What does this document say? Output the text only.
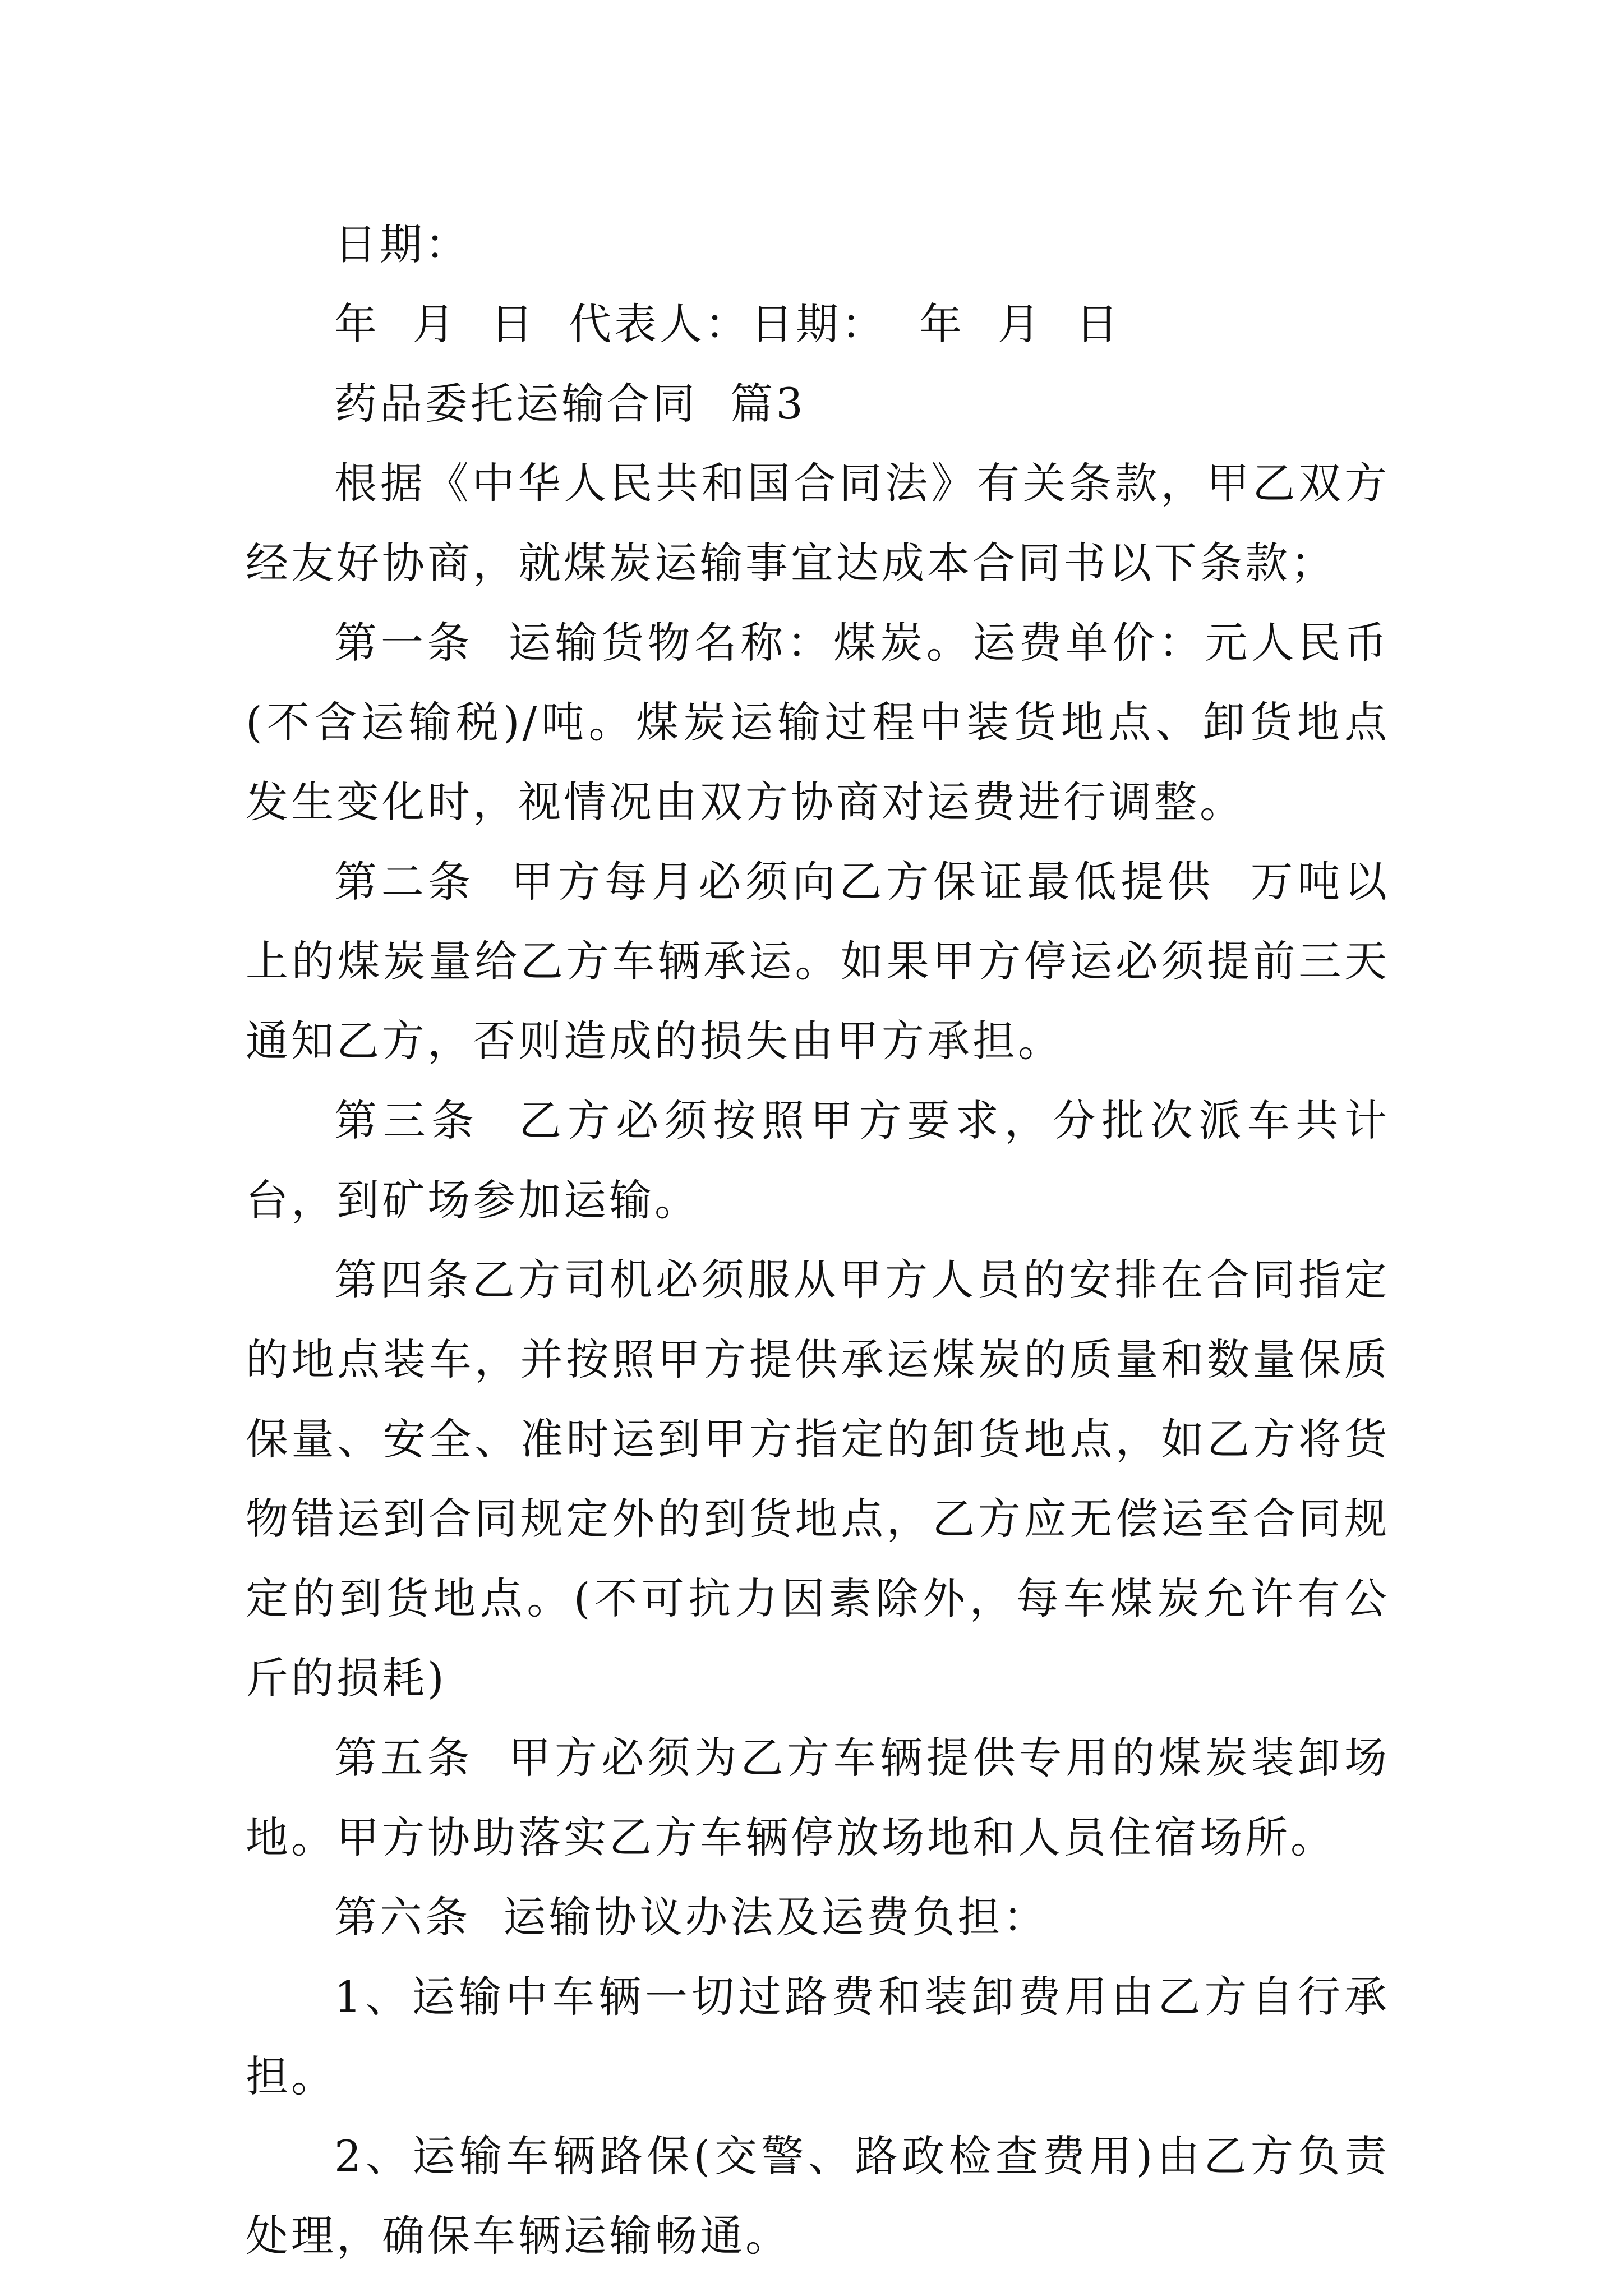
日期：

年  月  日  代表人：日期：  年  月  日

药品委托运输合同  篇3

根据《中华人民共和国合同法》有关条款，甲乙双方经友好协商，就煤炭运输事宜达成本合同书以下条款；

第一条  运输货物名称：煤炭。运费单价：元人民币(不含运输税)/吨。煤炭运输过程中装货地点、卸货地点发生变化时，视情况由双方协商对运费进行调整。

第二条  甲方每月必须向乙方保证最低提供  万吨以上的煤炭量给乙方车辆承运。如果甲方停运必须提前三天通知乙方，否则造成的损失由甲方承担。

第三条  乙方必须按照甲方要求，分批次派车共计  台，到矿场参加运输。

第四条乙方司机必须服从甲方人员的安排在合同指定的地点装车，并按照甲方提供承运煤炭的质量和数量保质保量、安全、准时运到甲方指定的卸货地点，如乙方将货物错运到合同规定外的到货地点，乙方应无偿运至合同规定的到货地点。(不可抗力因素除外，每车煤炭允许有公斤的损耗)

第五条  甲方必须为乙方车辆提供专用的煤炭装卸场地。甲方协助落实乙方车辆停放场地和人员住宿场所。

第六条  运输协议办法及运费负担：

1、运输中车辆一切过路费和装卸费用由乙方自行承担。

2、运输车辆路保(交警、路政检查费用)由乙方负责处理，确保车辆运输畅通。
